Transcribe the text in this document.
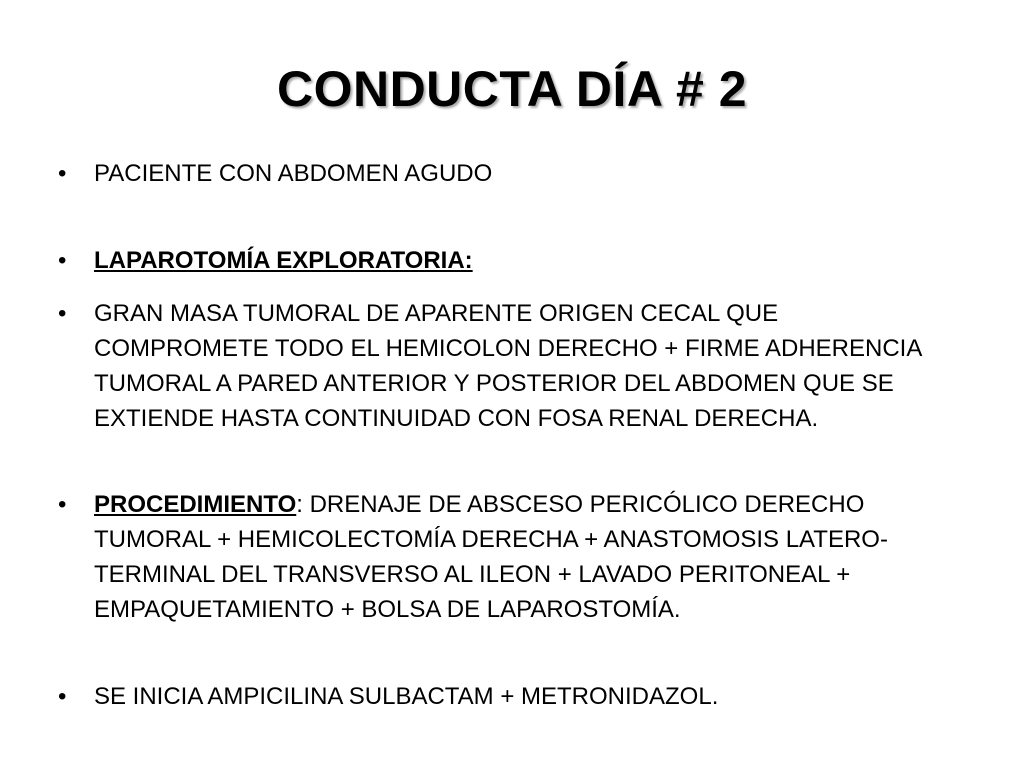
CONDUCTA DÍA # 2
•	PACIENTE CON ABDOMEN AGUDO
•	LAPAROTOMÍA EXPLORATORIA:
•	GRAN MASA TUMORAL DE APARENTE ORIGEN CECAL QUE COMPROMETE TODO EL HEMICOLON DERECHO + FIRME ADHERENCIA TUMORAL A PARED ANTERIOR Y POSTERIOR DEL ABDOMEN QUE SE EXTIENDE HASTA CONTINUIDAD CON FOSA RENAL DERECHA.
•	PROCEDIMIENTO: DRENAJE DE ABSCESO PERICÓLICO DERECHO TUMORAL + HEMICOLECTOMÍA DERECHA + ANASTOMOSIS LATERO-TERMINAL DEL TRANSVERSO AL ILEON + LAVADO PERITONEAL + EMPAQUETAMIENTO + BOLSA DE LAPAROSTOMÍA.
•	SE INICIA AMPICILINA SULBACTAM + METRONIDAZOL.
